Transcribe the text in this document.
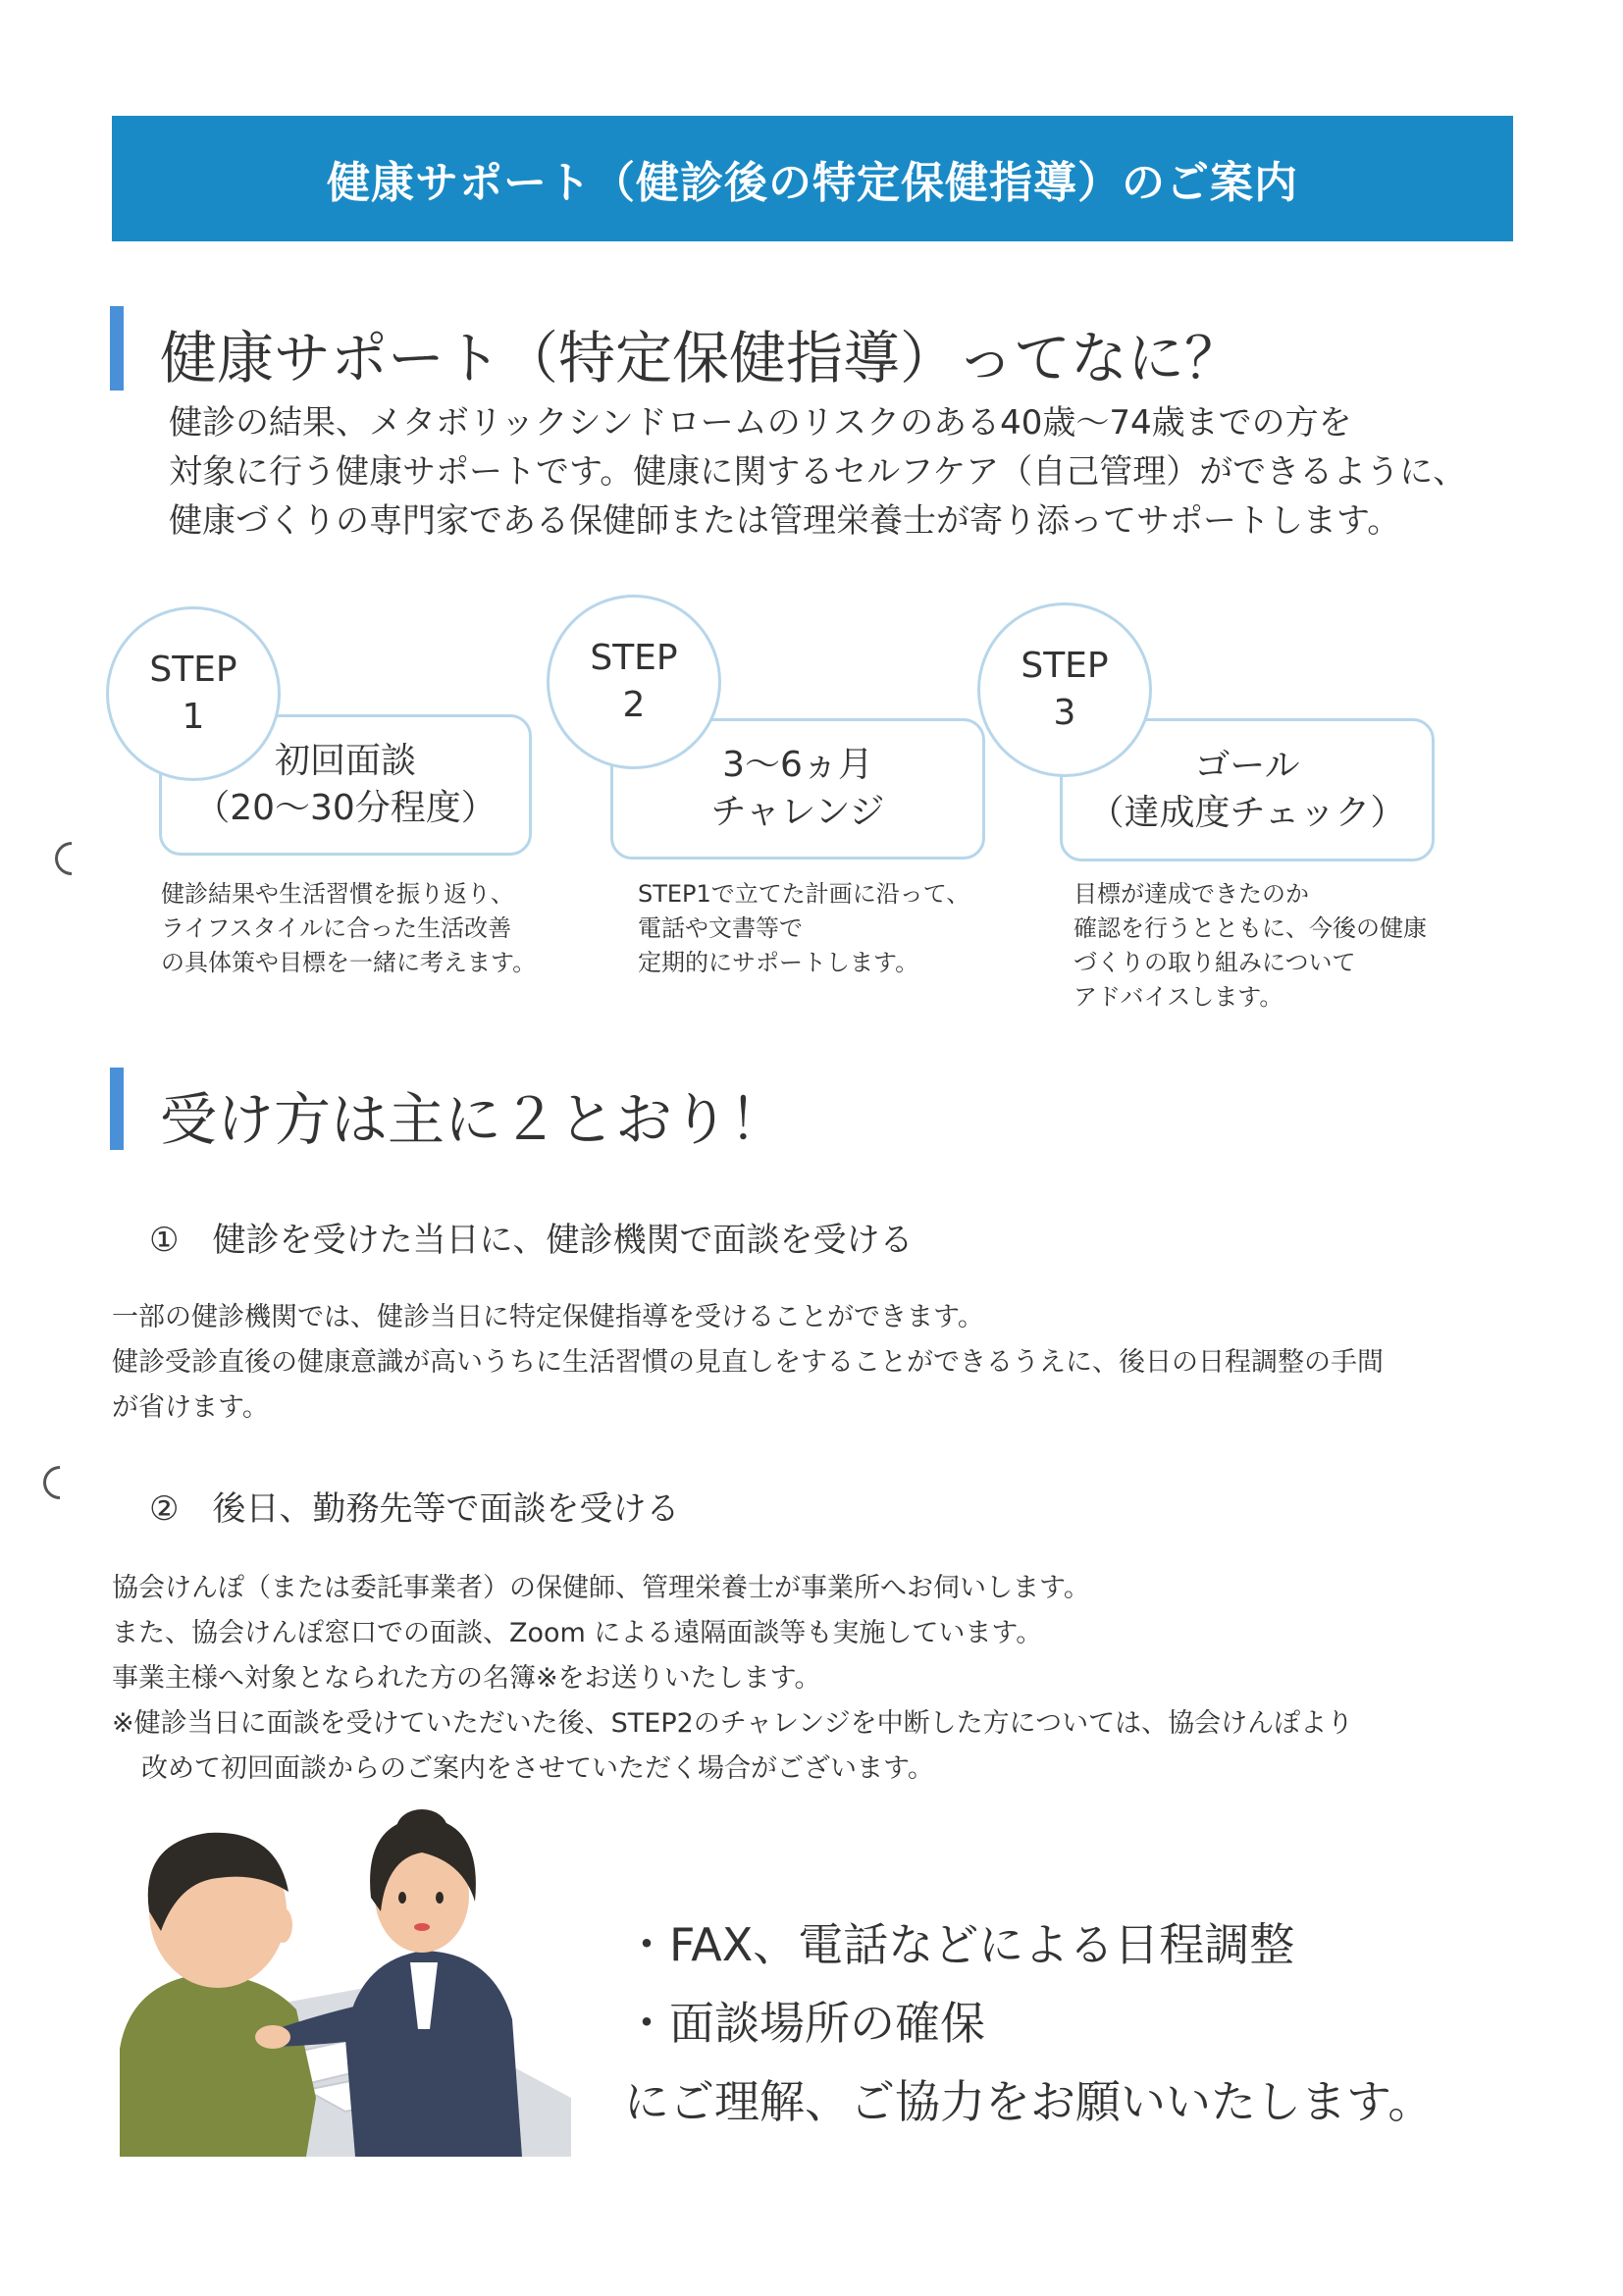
健康サポート（健診後の特定保健指導）のご案内
健康サポート（特定保健指導）ってなに？

健診の結果、メタボリックシンドロームのリスクのある40歳～74歳までの方を

対象に行う健康サポートです。健康に関するセルフケア（自己管理）ができるように、

健康づくりの専門家である保健師または管理栄養士が寄り添ってサポートします。

STEP
1
初回面談
（20～30分程度）

健診結果や生活習慣を振り返り、

ライフスタイルに合った生活改善

の具体策や目標を一緒に考えます。

STEP
2
3～6ヵ月
チャレンジ

STEP1で立てた計画に沿って、

電話や文書等で

定期的にサポートします。

STEP
3
ゴール
（達成度チェック）

目標が達成できたのか

確認を行うとともに、今後の健康

づくりの取り組みについて

アドバイスします。

受け方は主に２とおり！
①　健診を受けた当日に、健診機関で面談を受ける

一部の健診機関では、健診当日に特定保健指導を受けることができます。

健診受診直後の健康意識が高いうちに生活習慣の見直しをすることができるうえに、後日の日程調整の手間

が省けます。

②　後日、勤務先等で面談を受ける

協会けんぽ（または委託事業者）の保健師、管理栄養士が事業所へお伺いします。

また、協会けんぽ窓口での面談、Zoom による遠隔面談等も実施しています。

事業主様へ対象となられた方の名簿※をお送りいたします。

※健診当日に面談を受けていただいた後、STEP2のチャレンジを中断した方については、協会けんぽより

改めて初回面談からのご案内をさせていただく場合がございます。

・FAX、電話などによる日程調整
・面談場所の確保
にご理解、ご協力をお願いいたします。
